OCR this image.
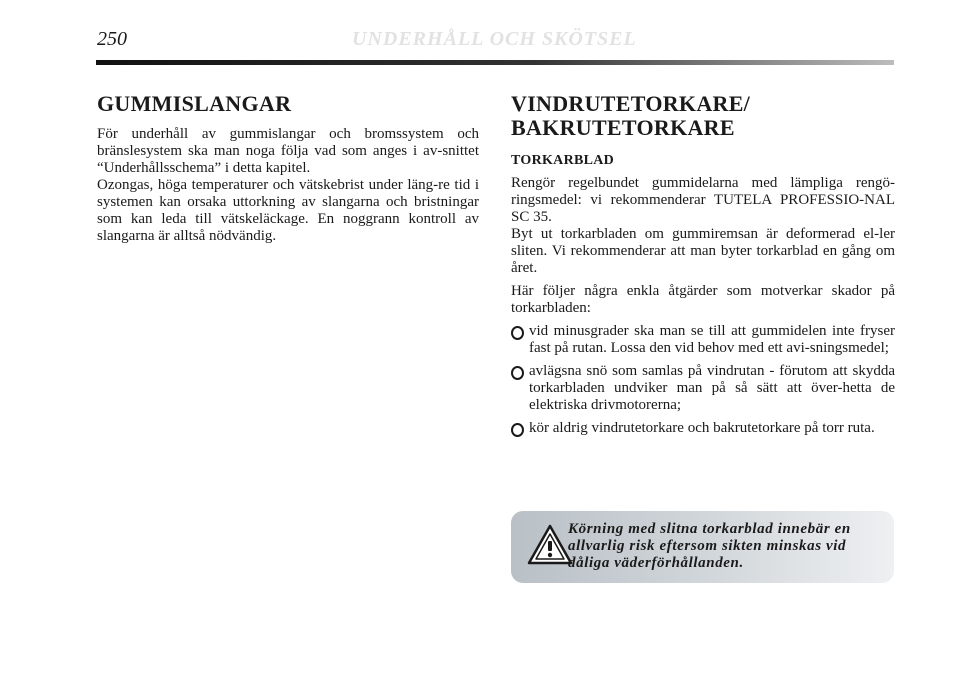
250	UNDERHÅLL OCH SKÖTSEL
GUMMISLANGAR

För underhåll av gummislangar och bromssystem och bränslesystem ska man noga följa vad som anges i av-snittet “Underhållsschema” i detta kapitel.

Ozongas, höga temperaturer och vätskebrist under läng-re tid i systemen kan orsaka uttorkning av slangarna och bristningar som kan leda till vätskeläckage. En noggrann kontroll av slangarna är alltså nödvändig.

VINDRUTETORKARE/
BAKRUTETORKARE
TORKARBLAD

Rengör regelbundet gummidelarna med lämpliga rengö-ringsmedel: vi rekommenderar TUTELA PROFESSIO-NAL SC 35.

Byt ut torkarbladen om gummiremsan är deformerad el-ler sliten. Vi rekommenderar att man byter torkarblad en gång om året.

Här följer några enkla åtgärder som motverkar skador på torkarbladen:

vid minusgrader ska man se till att gummidelen inte fryser fast på rutan. Lossa den vid behov med ett avi-sningsmedel;
avlägsna snö som samlas på vindrutan - förutom att skydda torkarbladen undviker man på så sätt att över-hetta de elektriska drivmotorerna;
kör aldrig vindrutetorkare och bakrutetorkare på torr ruta.
Körning med slitna torkarblad innebär en allvarlig risk eftersom sikten minskas vid dåliga väderförhållanden.
